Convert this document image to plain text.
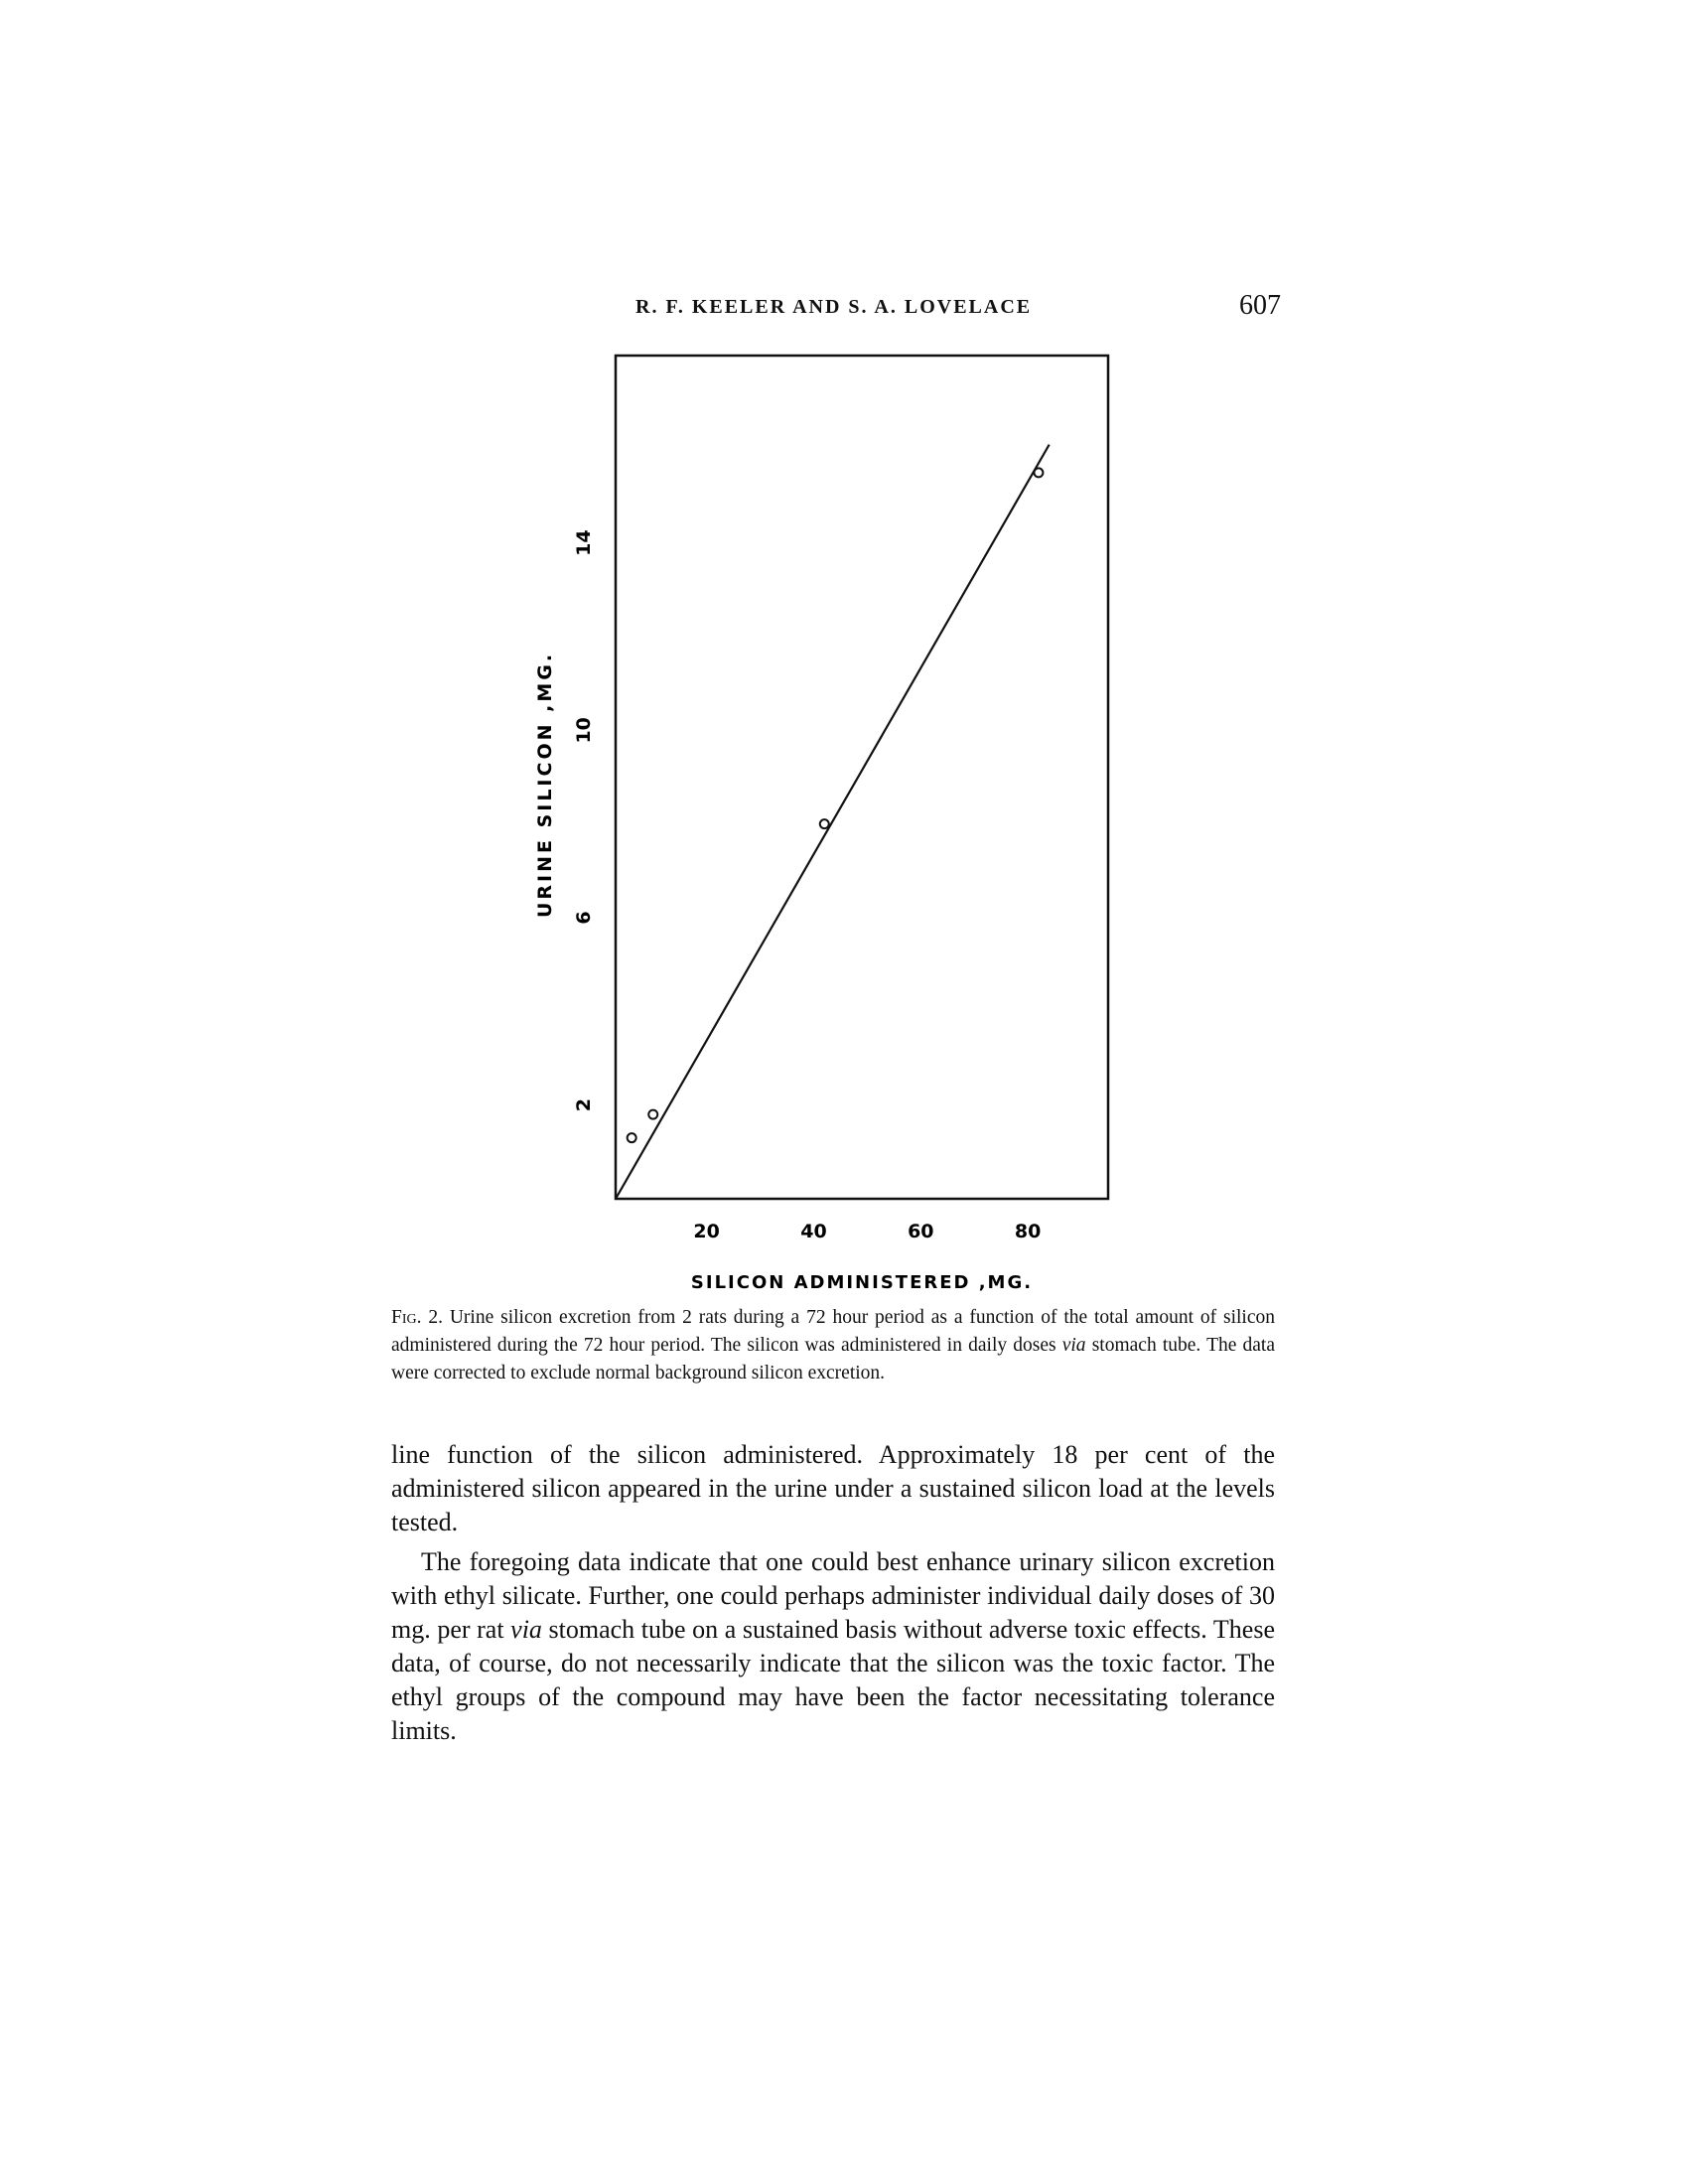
R. F. KEELER AND S. A. LOVELACE	607
2
6
10
14
20	40	60	80
URINE SILICON ,MG.
SILICON ADMINISTERED ,MG.
Fig. 2. Urine silicon excretion from 2 rats during a 72 hour period as a function of the total amount of silicon administered during the 72 hour period. The silicon was administered in daily doses via stomach tube. The data were corrected to exclude normal background silicon excretion.

line function of the silicon administered. Approximately 18 per cent of the administered silicon appeared in the urine under a sustained silicon load at the levels tested.

The foregoing data indicate that one could best enhance urinary silicon excretion with ethyl silicate. Further, one could perhaps administer individual daily doses of 30 mg. per rat via stomach tube on a sustained basis without adverse toxic effects. These data, of course, do not necessarily indicate that the silicon was the toxic factor. The ethyl groups of the compound may have been the factor necessitating tolerance limits.
